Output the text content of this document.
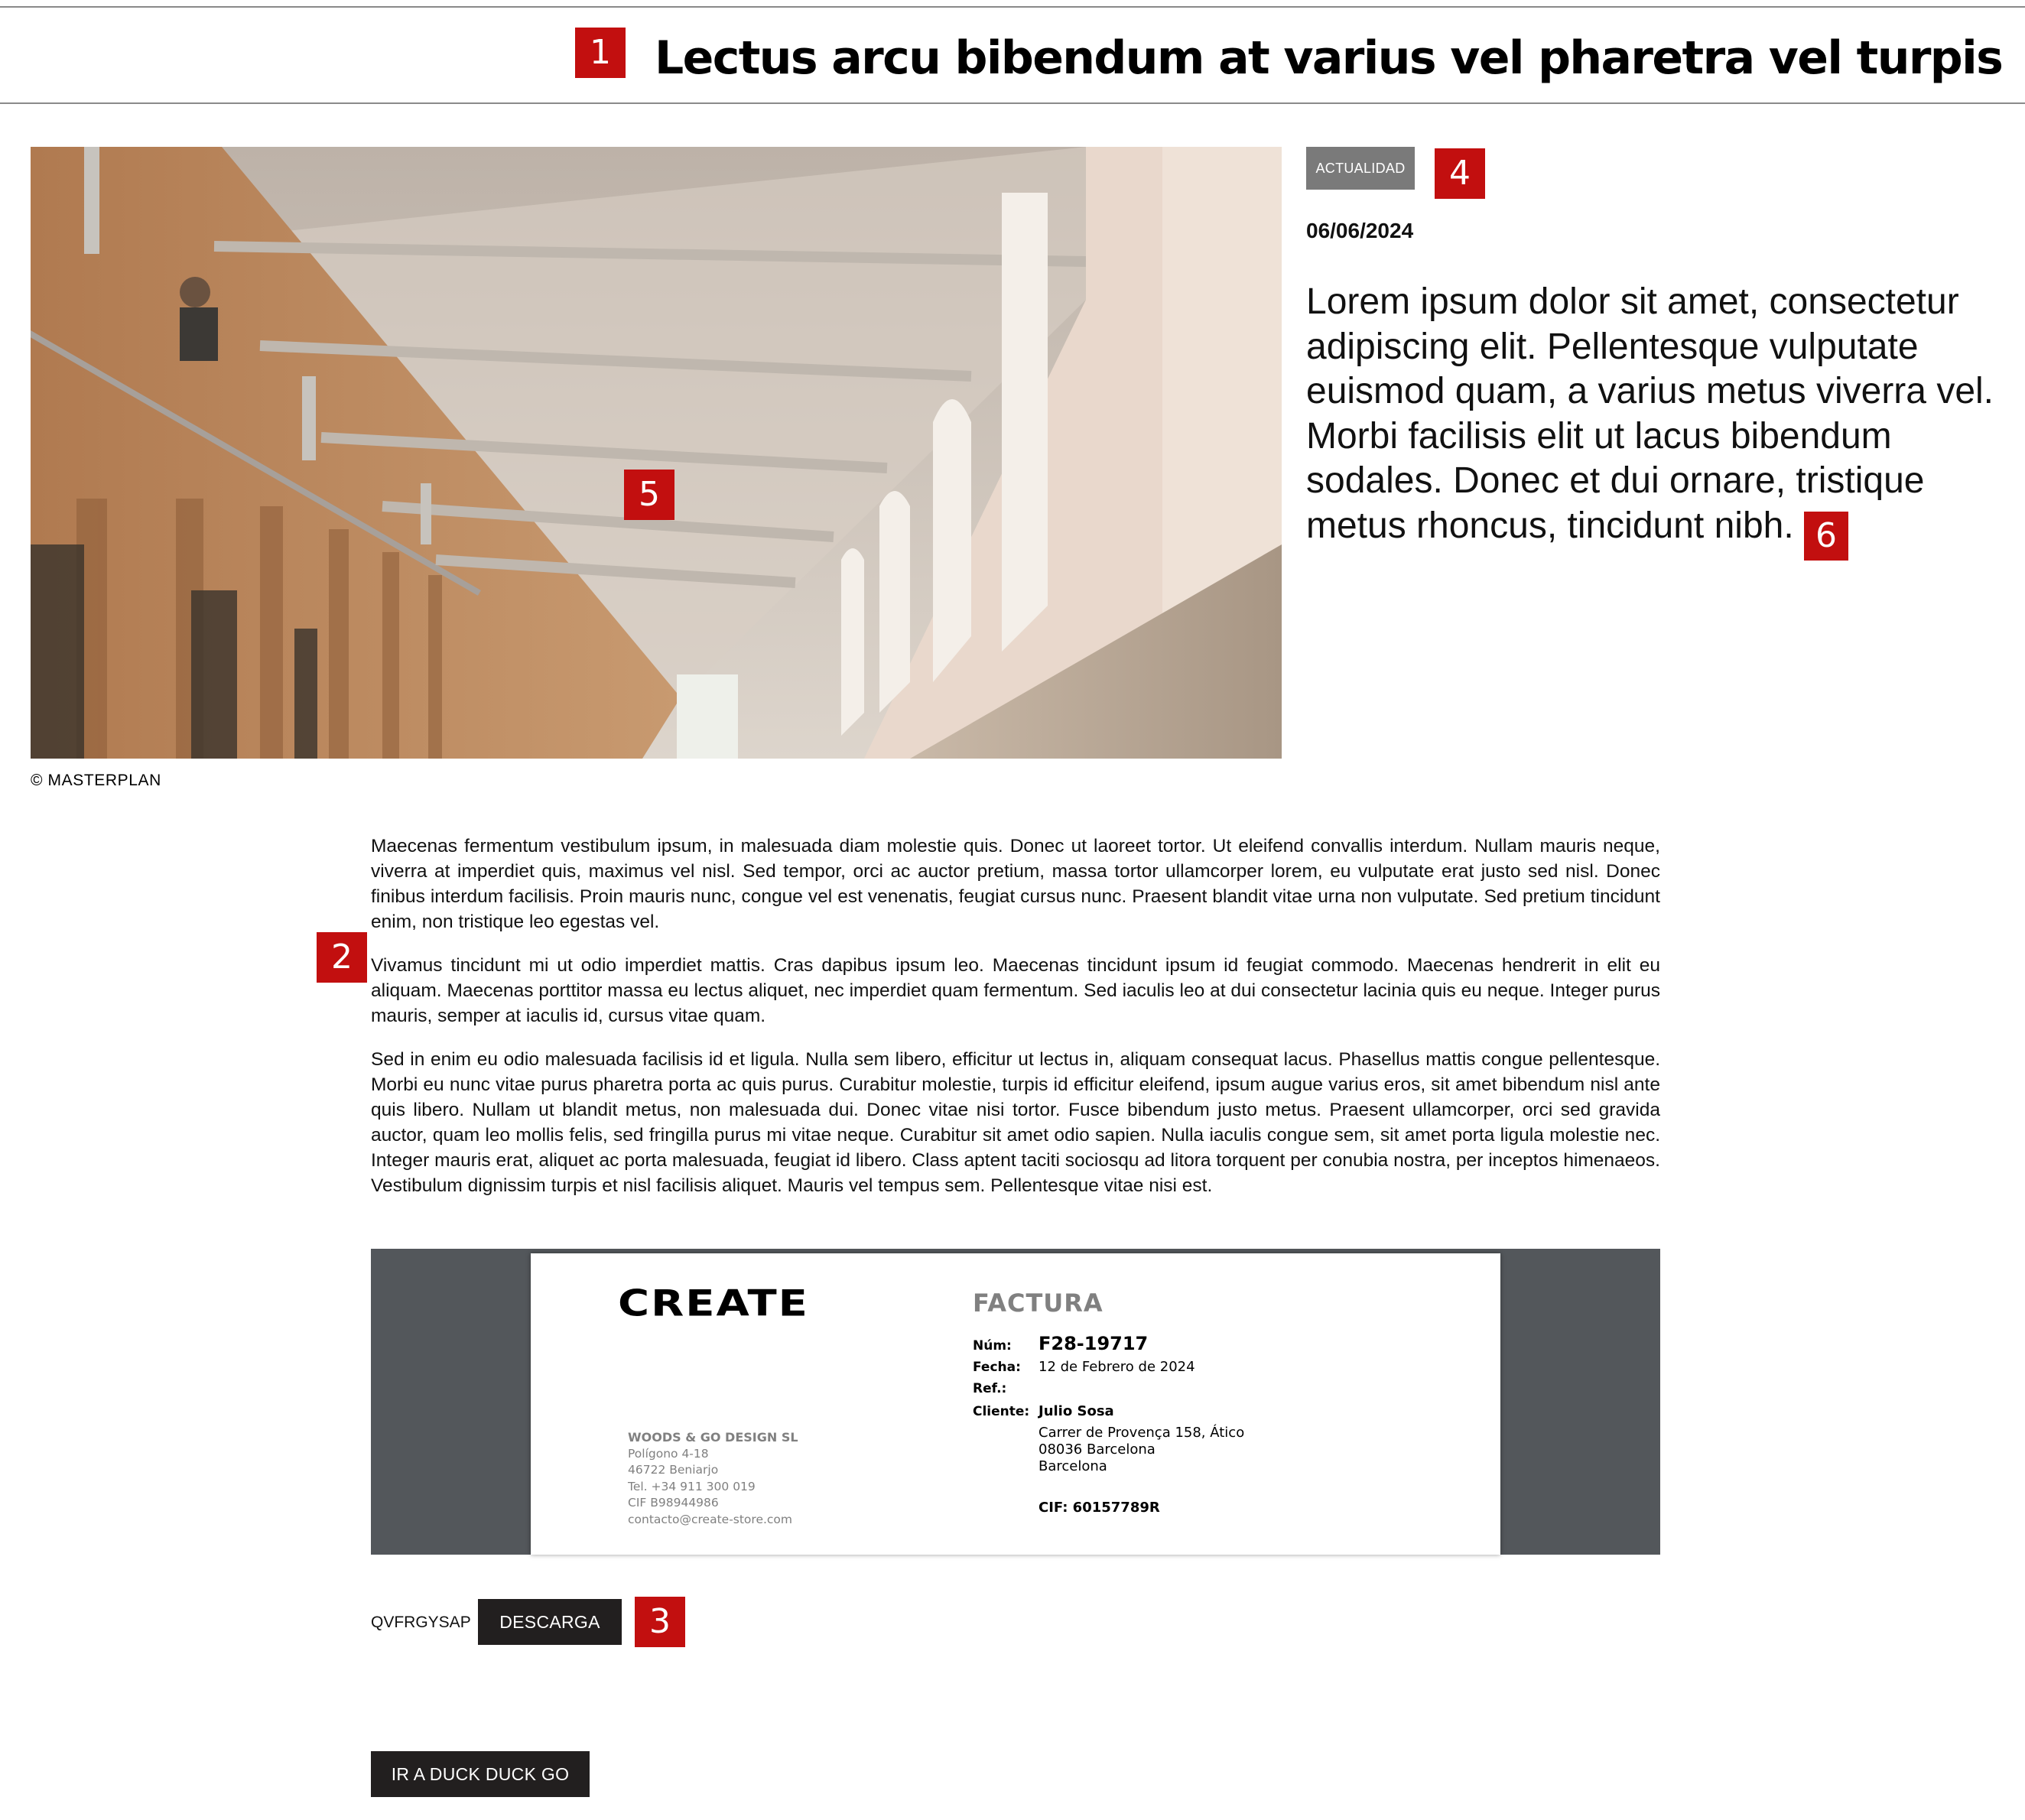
1 Lectus arcu bibendum at varius vel pharetra vel turpis
5
© MASTERPLAN
ACTUALIDAD	4
06/06/2024
Lorem ipsum dolor sit amet, consectetur adipiscing elit. Pellentesque vulputate euismod quam, a varius metus viverra vel. Morbi facilisis elit ut lacus bibendum sodales. Donec et dui ornare, tristique metus rhoncus, tincidunt nibh. 6
2

Maecenas fermentum vestibulum ipsum, in malesuada diam molestie quis. Donec ut laoreet tortor. Ut eleifend convallis interdum. Nullam mauris neque, viverra at imperdiet quis, maximus vel nisl. Sed tempor, orci ac auctor pretium, massa tortor ullamcorper lorem, eu vulputate erat justo sed nisl. Donec finibus interdum facilisis. Proin mauris nunc, congue vel est venenatis, feugiat cursus nunc. Praesent blandit vitae urna non vulputate. Sed pretium tincidunt enim, non tristique leo egestas vel.

Vivamus tincidunt mi ut odio imperdiet mattis. Cras dapibus ipsum leo. Maecenas tincidunt ipsum id feugiat commodo. Maecenas hendrerit in elit eu aliquam. Maecenas porttitor massa eu lectus aliquet, nec imperdiet quam fermentum. Sed iaculis leo at dui consectetur lacinia quis eu neque. Integer purus mauris, semper at iaculis id, cursus vitae quam.

Sed in enim eu odio malesuada facilisis id et ligula. Nulla sem libero, efficitur ut lectus in, aliquam consequat lacus. Phasellus mattis congue pellentesque. Morbi eu nunc vitae purus pharetra porta ac quis purus. Curabitur molestie, turpis id efficitur eleifend, ipsum augue varius eros, sit amet bibendum nisl ante quis libero. Nullam ut blandit metus, non malesuada dui. Donec vitae nisi tortor. Fusce bibendum justo metus. Praesent ullamcorper, orci sed gravida auctor, quam leo mollis felis, sed fringilla purus mi vitae neque. Curabitur sit amet odio sapien. Nulla iaculis congue sem, sit amet porta ligula molestie nec. Integer mauris erat, aliquet ac porta malesuada, feugiat id libero. Class aptent taciti sociosqu ad litora torquent per conubia nostra, per inceptos himenaeos. Vestibulum dignissim turpis et nisl facilisis aliquet. Mauris vel tempus sem. Pellentesque vitae nisi est.

CREATE
WOODS & GO DESIGN SL
Polígono 4-18
46722 Beniarjo
Tel. +34 911 300 019
CIF B98944986
contacto@create-store.com
FACTURA
Núm: F28-19717
Fecha: 12 de Febrero de 2024
Ref.:
Cliente: Julio Sosa
Carrer de Provença 158, Ático
08036 Barcelona
Barcelona
CIF: 60157789R
QVFRGYSAP	DESCARGA	3
IR A DUCK DUCK GO
